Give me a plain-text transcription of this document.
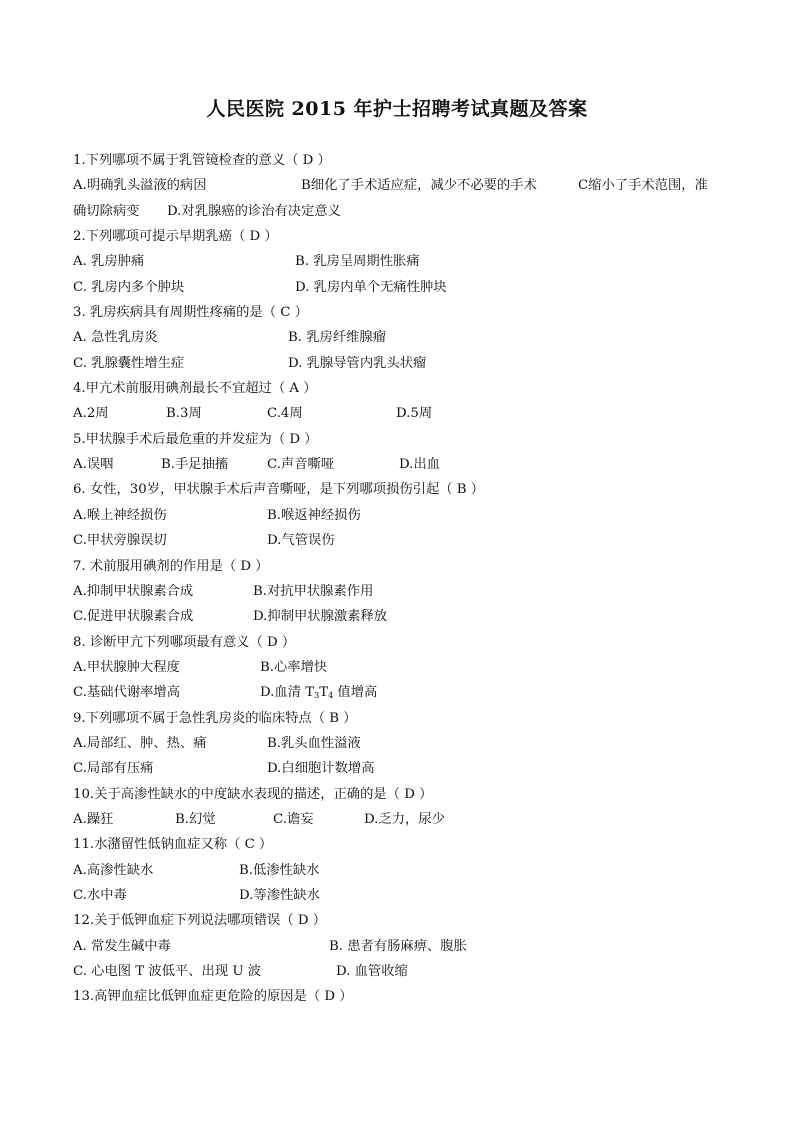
人民医院 2015 年护士招聘考试真题及答案
1.下列哪项不属于乳管镜检查的意义（ D ）
A.明确乳头溢液的病因	B细化了手术适应症，减少不必要的手术	C缩小了手术范围，准
确切除病变 D.对乳腺癌的诊治有决定意义
2.下列哪项可提示早期乳癌（ D ）
A. 乳房肿痛	B. 乳房呈周期性胀痛
C. 乳房内多个肿块	D. 乳房内单个无痛性肿块
3. 乳房疾病具有周期性疼痛的是（ C ）
A. 急性乳房炎	B. 乳房纤维腺瘤
C. 乳腺囊性增生症	D. 乳腺导管内乳头状瘤
4.甲亢术前服用碘剂最长不宜超过（ A ）
A.2周	B.3周	C.4周	D.5周
5.甲状腺手术后最危重的并发症为（ D ）
A.误咽	B.手足抽搐	C.声音嘶哑	D.出血
6. 女性，30岁，甲状腺手术后声音嘶哑，是下列哪项损伤引起（ B ）
A.喉上神经损伤	B.喉返神经损伤
C.甲状旁腺误切	D.气管误伤
7. 术前服用碘剂的作用是（ D ）
A.抑制甲状腺素合成	B.对抗甲状腺素作用
C.促进甲状腺素合成	D.抑制甲状腺激素释放
8. 诊断甲亢下列哪项最有意义（ D ）
A.甲状腺肿大程度	B.心率增快
C.基础代谢率增高	D.血清 $T_3T_4$ 值增高
9.下列哪项不属于急性乳房炎的临床特点（ B ）
A.局部红、肿、热、痛	B.乳头血性溢液
C.局部有压痛	D.白细胞计数增高
10.关于高渗性缺水的中度缺水表现的描述，正确的是（ D ）
A.躁狂	B.幻觉	C.谵妄	D.乏力，尿少
11.水潴留性低钠血症又称（ C ）
A.高渗性缺水	B.低渗性缺水
C.水中毒	D.等渗性缺水
12.关于低钾血症下列说法哪项错误（ D ）
A. 常发生碱中毒	B. 患者有肠麻痹、腹胀
C. 心电图 T 波低平、出现 U 波	D. 血管收缩
13.高钾血症比低钾血症更危险的原因是（ D ）
